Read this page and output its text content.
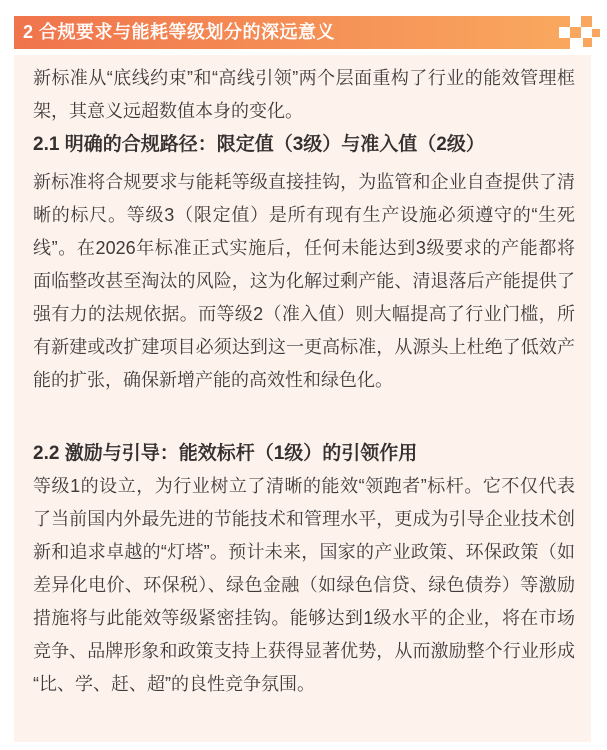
2 合规要求与能耗等级划分的深远意义

新标准从“底线约束”和“高线引领”两个层面重构了行业的能效管理框架，其意义远超数值本身的变化。

2.1 明确的合规路径：限定值（3级）与准入值（2级）

新标准将合规要求与能耗等级直接挂钩，为监管和企业自查提供了清晰的标尺。等级3（限定值）是所有现有生产设施必须遵守的“生死线”。在2026年标准正式实施后，任何未能达到3级要求的产能都将面临整改甚至淘汰的风险，这为化解过剩产能、清退落后产能提供了强有力的法规依据。而等级2（准入值）则大幅提高了行业门槛，所有新建或改扩建项目必须达到这一更高标准，从源头上杜绝了低效产能的扩张，确保新增产能的高效性和绿色化。

2.2 激励与引导：能效标杆（1级）的引领作用

等级1的设立，为行业树立了清晰的能效“领跑者”标杆。它不仅代表了当前国内外最先进的节能技术和管理水平，更成为引导企业技术创新和追求卓越的“灯塔”。预计未来，国家的产业政策、环保政策（如差异化电价、环保税）、绿色金融（如绿色信贷、绿色债券）等激励措施将与此能效等级紧密挂钩。能够达到1级水平的企业，将在市场竞争、品牌形象和政策支持上获得显著优势，从而激励整个行业形成“比、学、赶、超”的良性竞争氛围。
